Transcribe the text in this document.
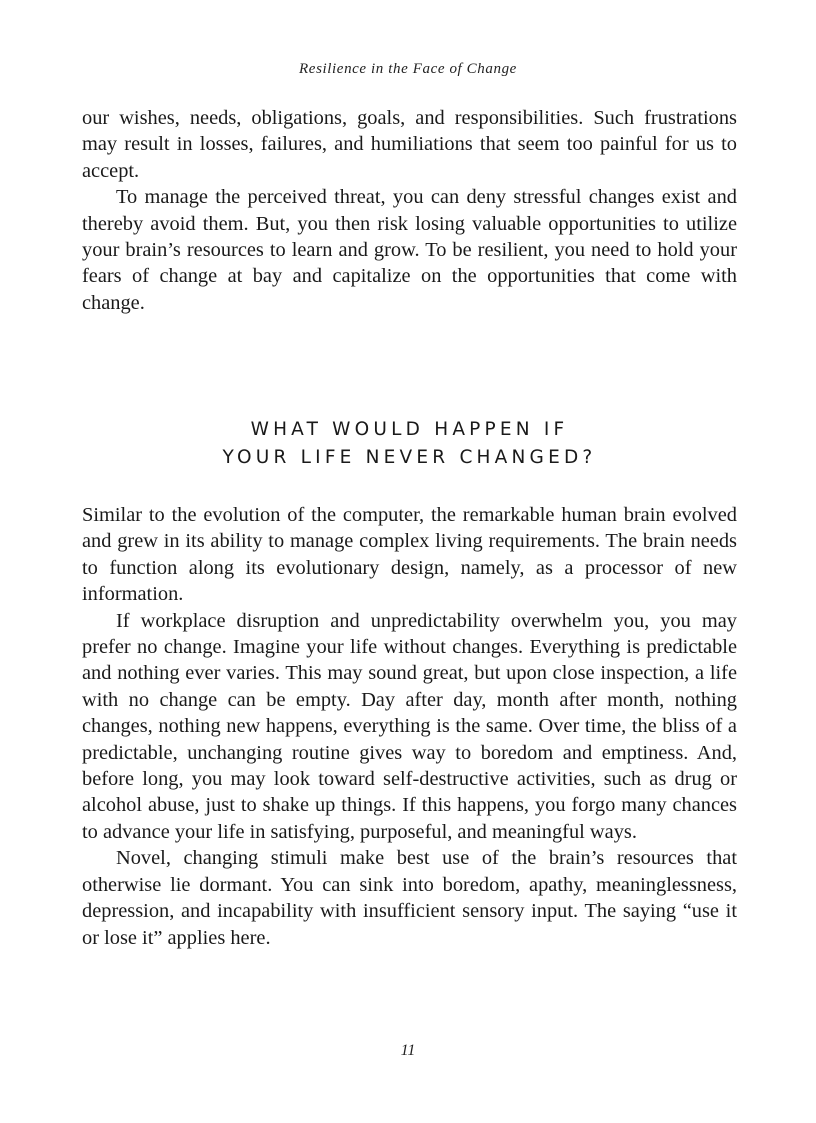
Resilience in the Face of Change

our wishes, needs, obligations, goals, and responsibilities. Such frustrations may result in losses, failures, and humiliations that seem too painful for us to accept.

To manage the perceived threat, you can deny stressful changes exist and thereby avoid them. But, you then risk losing valuable opportunities to utilize your brain’s resources to learn and grow. To be resilient, you need to hold your fears of change at bay and capitalize on the opportunities that come with change.

WHAT WOULD HAPPEN IF
YOUR LIFE NEVER CHANGED?

Similar to the evolution of the computer, the remarkable human brain evolved and grew in its ability to manage complex living requirements. The brain needs to function along its evolutionary design, namely, as a processor of new information.

If workplace disruption and unpredictability overwhelm you, you may prefer no change. Imagine your life without changes. Everything is predictable and nothing ever varies. This may sound great, but upon close inspection, a life with no change can be empty. Day after day, month after month, nothing changes, nothing new happens, everything is the same. Over time, the bliss of a predictable, unchanging routine gives way to boredom and emptiness. And, before long, you may look toward self-destructive activities, such as drug or alcohol abuse, just to shake up things. If this happens, you forgo many chances to advance your life in satisfying, purposeful, and meaningful ways.

Novel, changing stimuli make best use of the brain’s resources that otherwise lie dormant. You can sink into boredom, apathy, meaninglessness, depression, and incapability with insufficient sensory input. The saying “use it or lose it” applies here.

11
